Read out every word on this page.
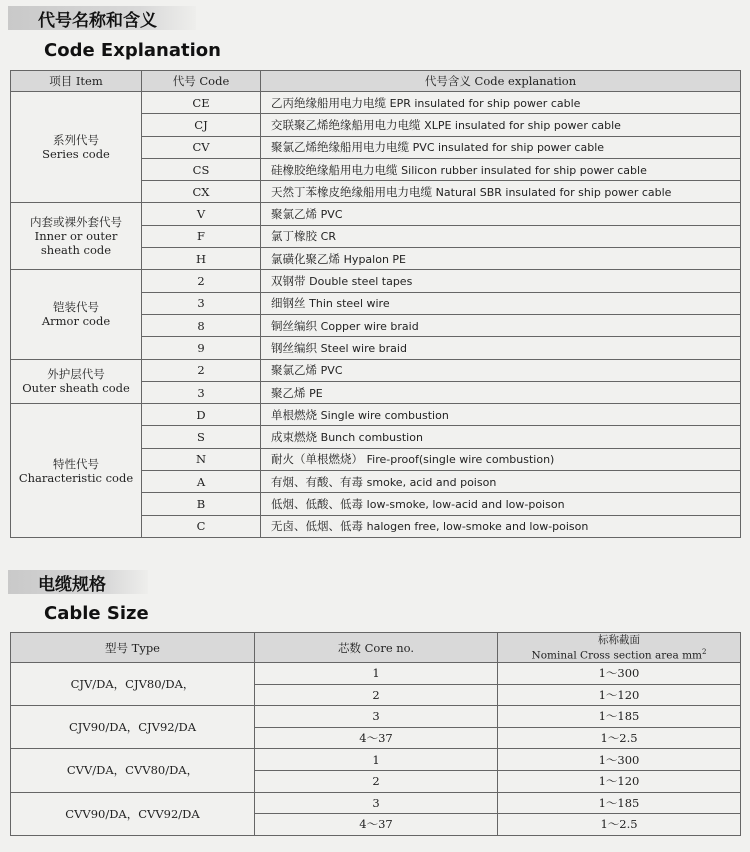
代号名称和含义
Code Explanation
项目 Item	代号 Code	代号含义 Code explanation

系列代号
Series code	CE	乙丙绝缘船用电力电缆 EPR insulated for ship power cable
	CJ	交联聚乙烯绝缘船用电力电缆 XLPE insulated for ship power cable
	CV	聚氯乙烯绝缘船用电力电缆 PVC insulated for ship power cable
	CS	硅橡胶绝缘船用电力电缆 Silicon rubber insulated for ship power cable
	CX	天然丁苯橡皮绝缘船用电力电缆 Natural SBR insulated for ship power cable

内套或裸外套代号
Inner or outer sheath code	V	聚氯乙烯 PVC
	F	氯丁橡胶 CR
	H	氯磺化聚乙烯 Hypalon PE

铠装代号
Armor code	2	双钢带 Double steel tapes
	3	细钢丝 Thin steel wire
	8	铜丝编织 Copper wire braid
	9	钢丝编织 Steel wire braid

外护层代号
Outer sheath code	2	聚氯乙烯 PVC
	3	聚乙烯 PE

特性代号
Characteristic code	D	单根燃烧 Single wire combustion
	S	成束燃烧 Bunch combustion
	N	耐火（单根燃烧） Fire-proof(single wire combustion)
	A	有烟、有酸、有毒 smoke, acid and poison
	B	低烟、低酸、低毒 low-smoke, low-acid and low-poison
	C	无卤、低烟、低毒 halogen free, low-smoke and low-poison
电缆规格
Cable Size
型号 Type	芯数 Core no.	标称截面
Nominal Cross section area $mm^2$

CJV/DA，CJV80/DA，	1	1～300
	2	1～120
CJV90/DA，CJV92/DA	3	1～185
	4～37	1～2.5
CVV/DA，CVV80/DA，	1	1～300
	2	1～120
CVV90/DA，CVV92/DA	3	1～185
	4～37	1～2.5
